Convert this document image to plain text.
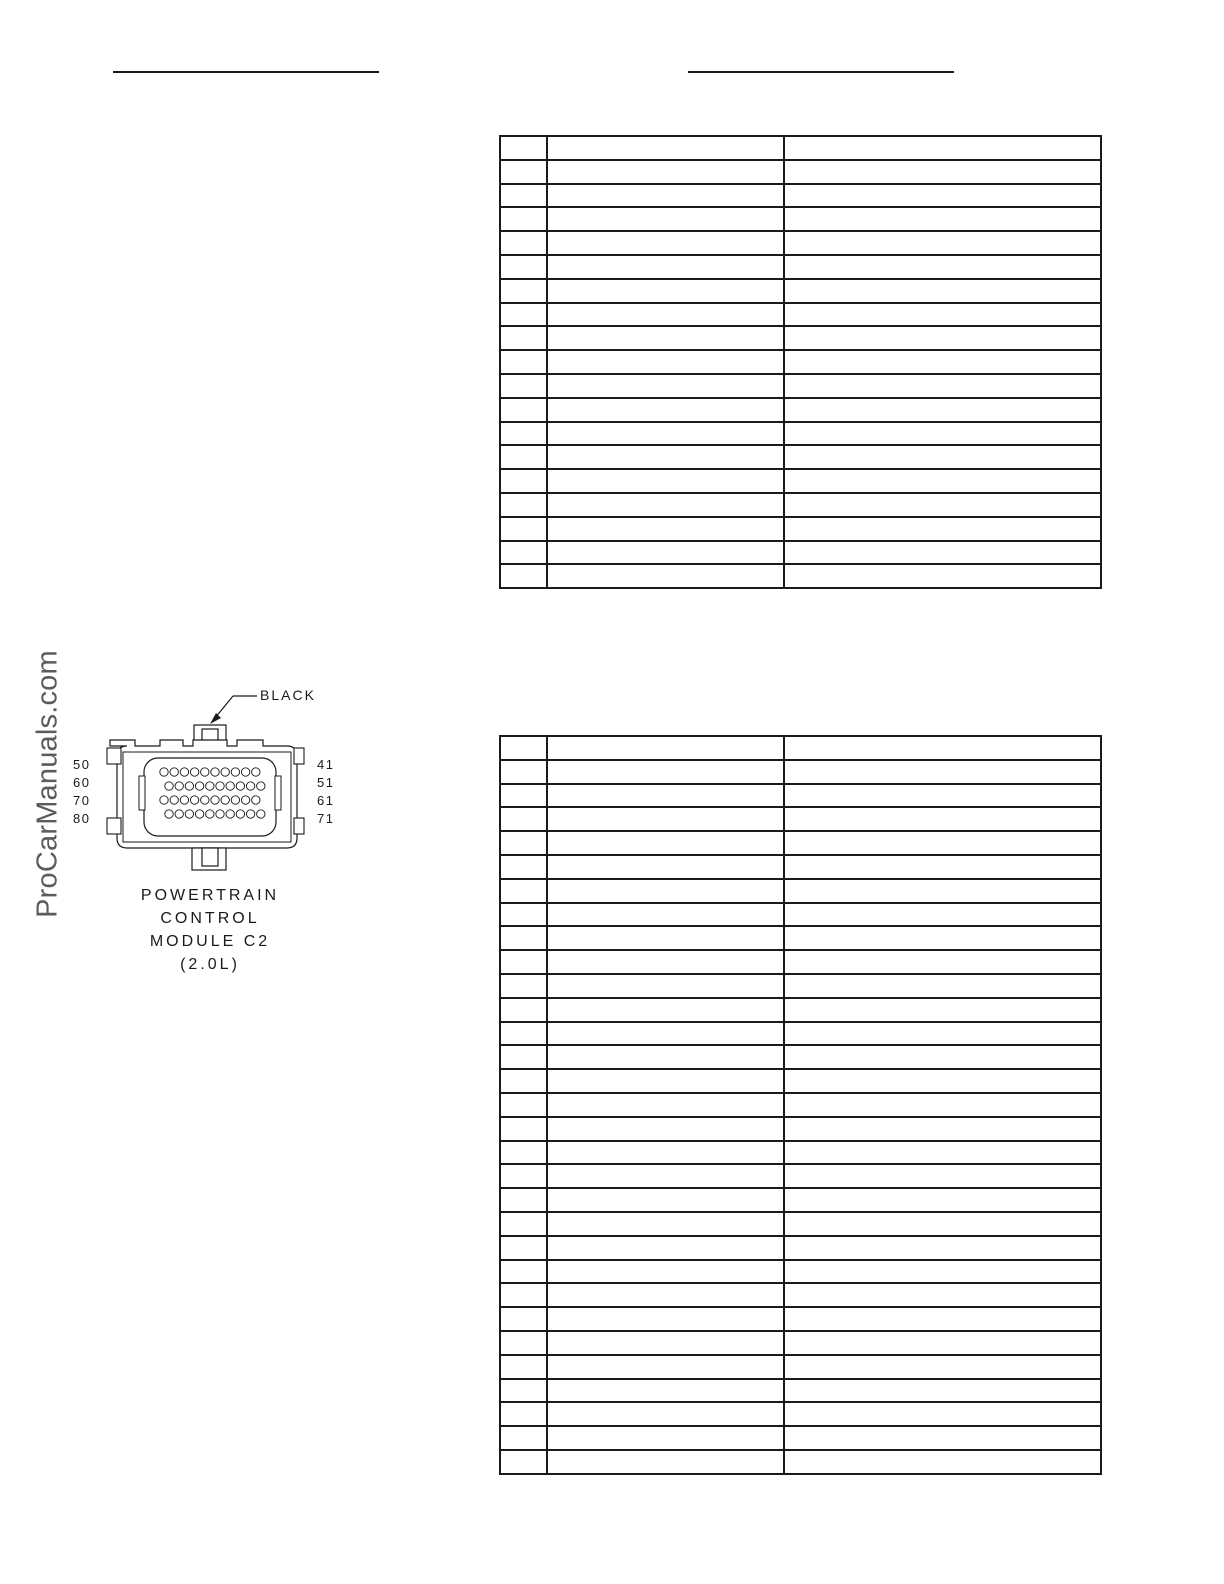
ProCarManuals.com

			BLACK
50
60
70
80
41
51
61
71
POWERTRAIN
CONTROL
MODULE C2
(2.0L)
